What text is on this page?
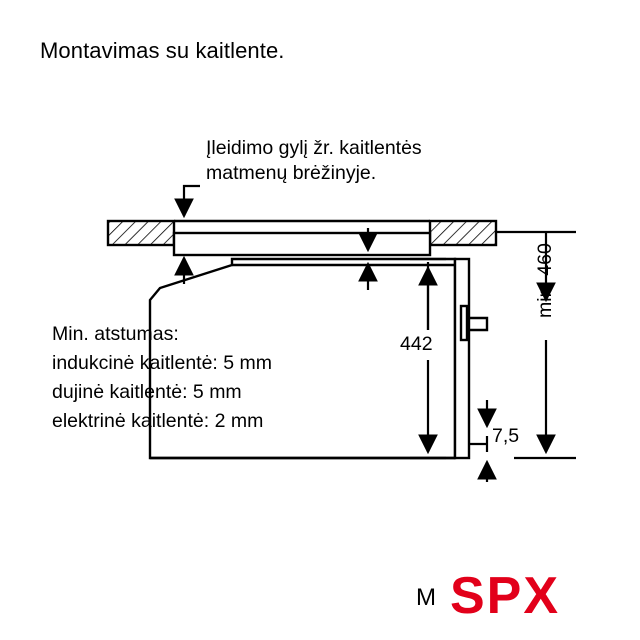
Montavimas su kaitlente.
Įleidimo gylį žr. kaitlentės
matmenų brėžinyje.
Min. atstumas:
indukcinė kaitlentė: 5 mm
dujinė kaitlentė: 5 mm
elektrinė kaitlentė: 2 mm
442
7,5
min. 460
M SPX
